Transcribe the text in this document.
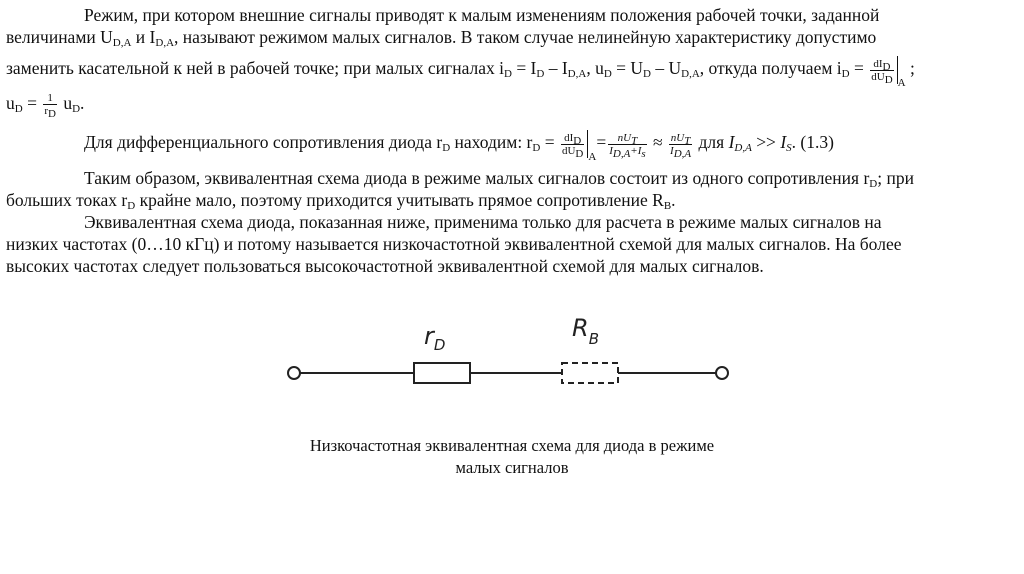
Режим, при котором внешние сигналы приводят к малым изменениям положения рабочей точки, заданной
величинами $U_{D,A}$ и $I_{D,A}$, называют режимом малых сигналов. В таком случае нелинейную характеристику допустимо
заменить касательной к ней в рабочей точке; при малых сигналах $i_D = I_D - I_{D,A}$, $u_D = U_D - U_{D,A}$, откуда получаем $i_D = \frac{dI_D}{dU_D}$
$_A$ ;
$u_D = \frac{1}{r_D} u_D$.
Для дифференциального сопротивления диода $r_D$ находим: $r_D = \frac{dI_D}{dU_D}$
$_A= \frac{nU_T}{I_{D,A}+I_s} \approx \frac{nU_T}{I_{D,A}}$ для $I_{D,A} >> I_S$. (1.3)
Таким образом, эквивалентная схема диода в режиме малых сигналов состоит из одного сопротивления $r_D$; при
больших токах $r_D$ крайне мало, поэтому приходится учитывать прямое сопротивление $R_B$.
Эквивалентная схема диода, показанная ниже, применима только для расчета в режиме малых сигналов на
низких частотах (0…10 кГц) и потому называется низкочастотной эквивалентной схемой для малых сигналов. На более
высоких частотах следует пользоваться высокочастотной эквивалентной схемой для малых сигналов.
$r_D$
$R_B$
Низкочастотная эквивалентная схема для диода в режиме
малых сигналов
